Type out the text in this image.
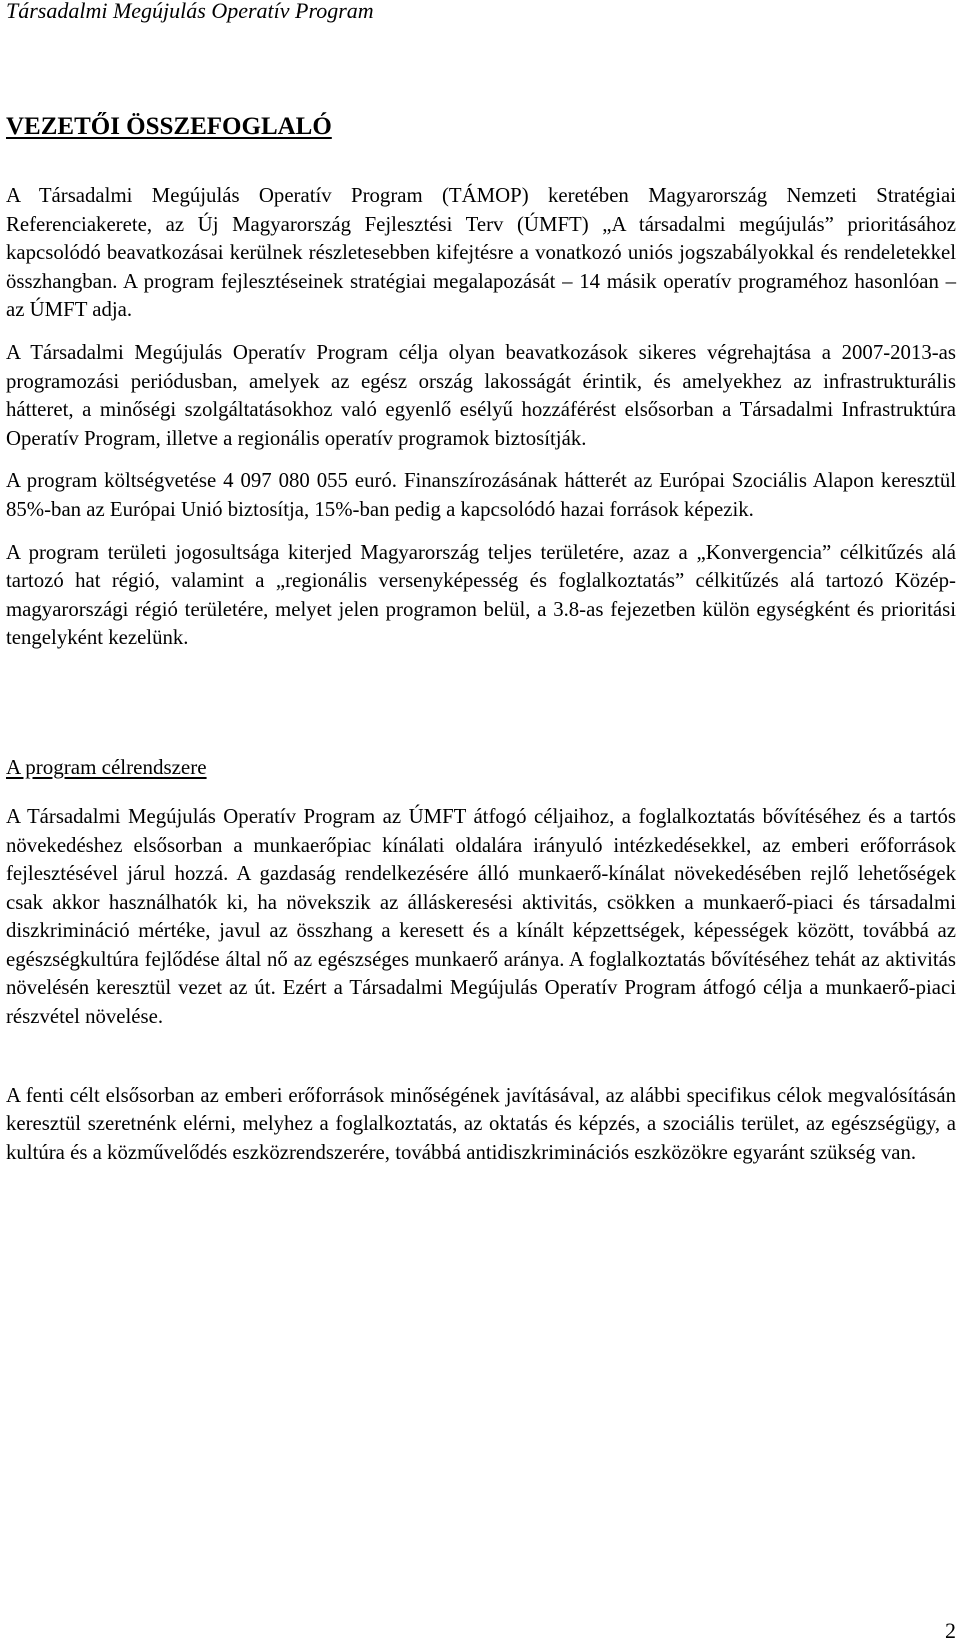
Társadalmi Megújulás Operatív Program
VEZETŐI ÖSSZEFOGLALÓ

A Társadalmi Megújulás Operatív Program (TÁMOP) keretében Magyarország Nemzeti Stratégiai Referenciakerete, az Új Magyarország Fejlesztési Terv (ÚMFT) „A társadalmi megújulás” prioritásához kapcsolódó beavatkozásai kerülnek részletesebben kifejtésre a vonatkozó uniós jogszabályokkal és rendeletekkel összhangban. A program fejlesztéseinek stratégiai megalapozását – 14 másik operatív programéhoz hasonlóan – az ÚMFT adja.

A Társadalmi Megújulás Operatív Program célja olyan beavatkozások sikeres végrehajtása a 2007-2013-as programozási periódusban, amelyek az egész ország lakosságát érintik, és amelyekhez az infrastrukturális hátteret, a minőségi szolgáltatásokhoz való egyenlő esélyű hozzáférést elsősorban a Társadalmi Infrastruktúra Operatív Program, illetve a regionális operatív programok biztosítják.

A program költségvetése 4 097 080 055 euró. Finanszírozásának hátterét az Európai Szociális Alapon keresztül 85%-ban az Európai Unió biztosítja, 15%-ban pedig a kapcsolódó hazai források képezik.

A program területi jogosultsága kiterjed Magyarország teljes területére, azaz a „Konvergencia” célkitűzés alá tartozó hat régió, valamint a „regionális versenyképesség és foglalkoztatás” célkitűzés alá tartozó Közép-magyarországi régió területére, melyet jelen programon belül, a 3.8-as fejezetben külön egységként és prioritási tengelyként kezelünk.

A program célrendszere

A Társadalmi Megújulás Operatív Program az ÚMFT átfogó céljaihoz, a foglalkoztatás bővítéséhez és a tartós növekedéshez elsősorban a munkaerőpiac kínálati oldalára irányuló intézkedésekkel, az emberi erőforrások fejlesztésével járul hozzá. A gazdaság rendelkezésére álló munkaerő-kínálat növekedésében rejlő lehetőségek csak akkor használhatók ki, ha növekszik az álláskeresési aktivitás, csökken a munkaerő-piaci és társadalmi diszkrimináció mértéke, javul az összhang a keresett és a kínált képzettségek, képességek között, továbbá az egészségkultúra fejlődése által nő az egészséges munkaerő aránya. A foglalkoztatás bővítéséhez tehát az aktivitás növelésén keresztül vezet az út. Ezért a Társadalmi Megújulás Operatív Program átfogó célja a munkaerő-piaci részvétel növelése.

A fenti célt elsősorban az emberi erőforrások minőségének javításával, az alábbi specifikus célok megvalósításán keresztül szeretnénk elérni, melyhez a foglalkoztatás, az oktatás és képzés, a szociális terület, az egészségügy, a kultúra és a közművelődés eszközrendszerére, továbbá antidiszkriminációs eszközökre egyaránt szükség van.

2
